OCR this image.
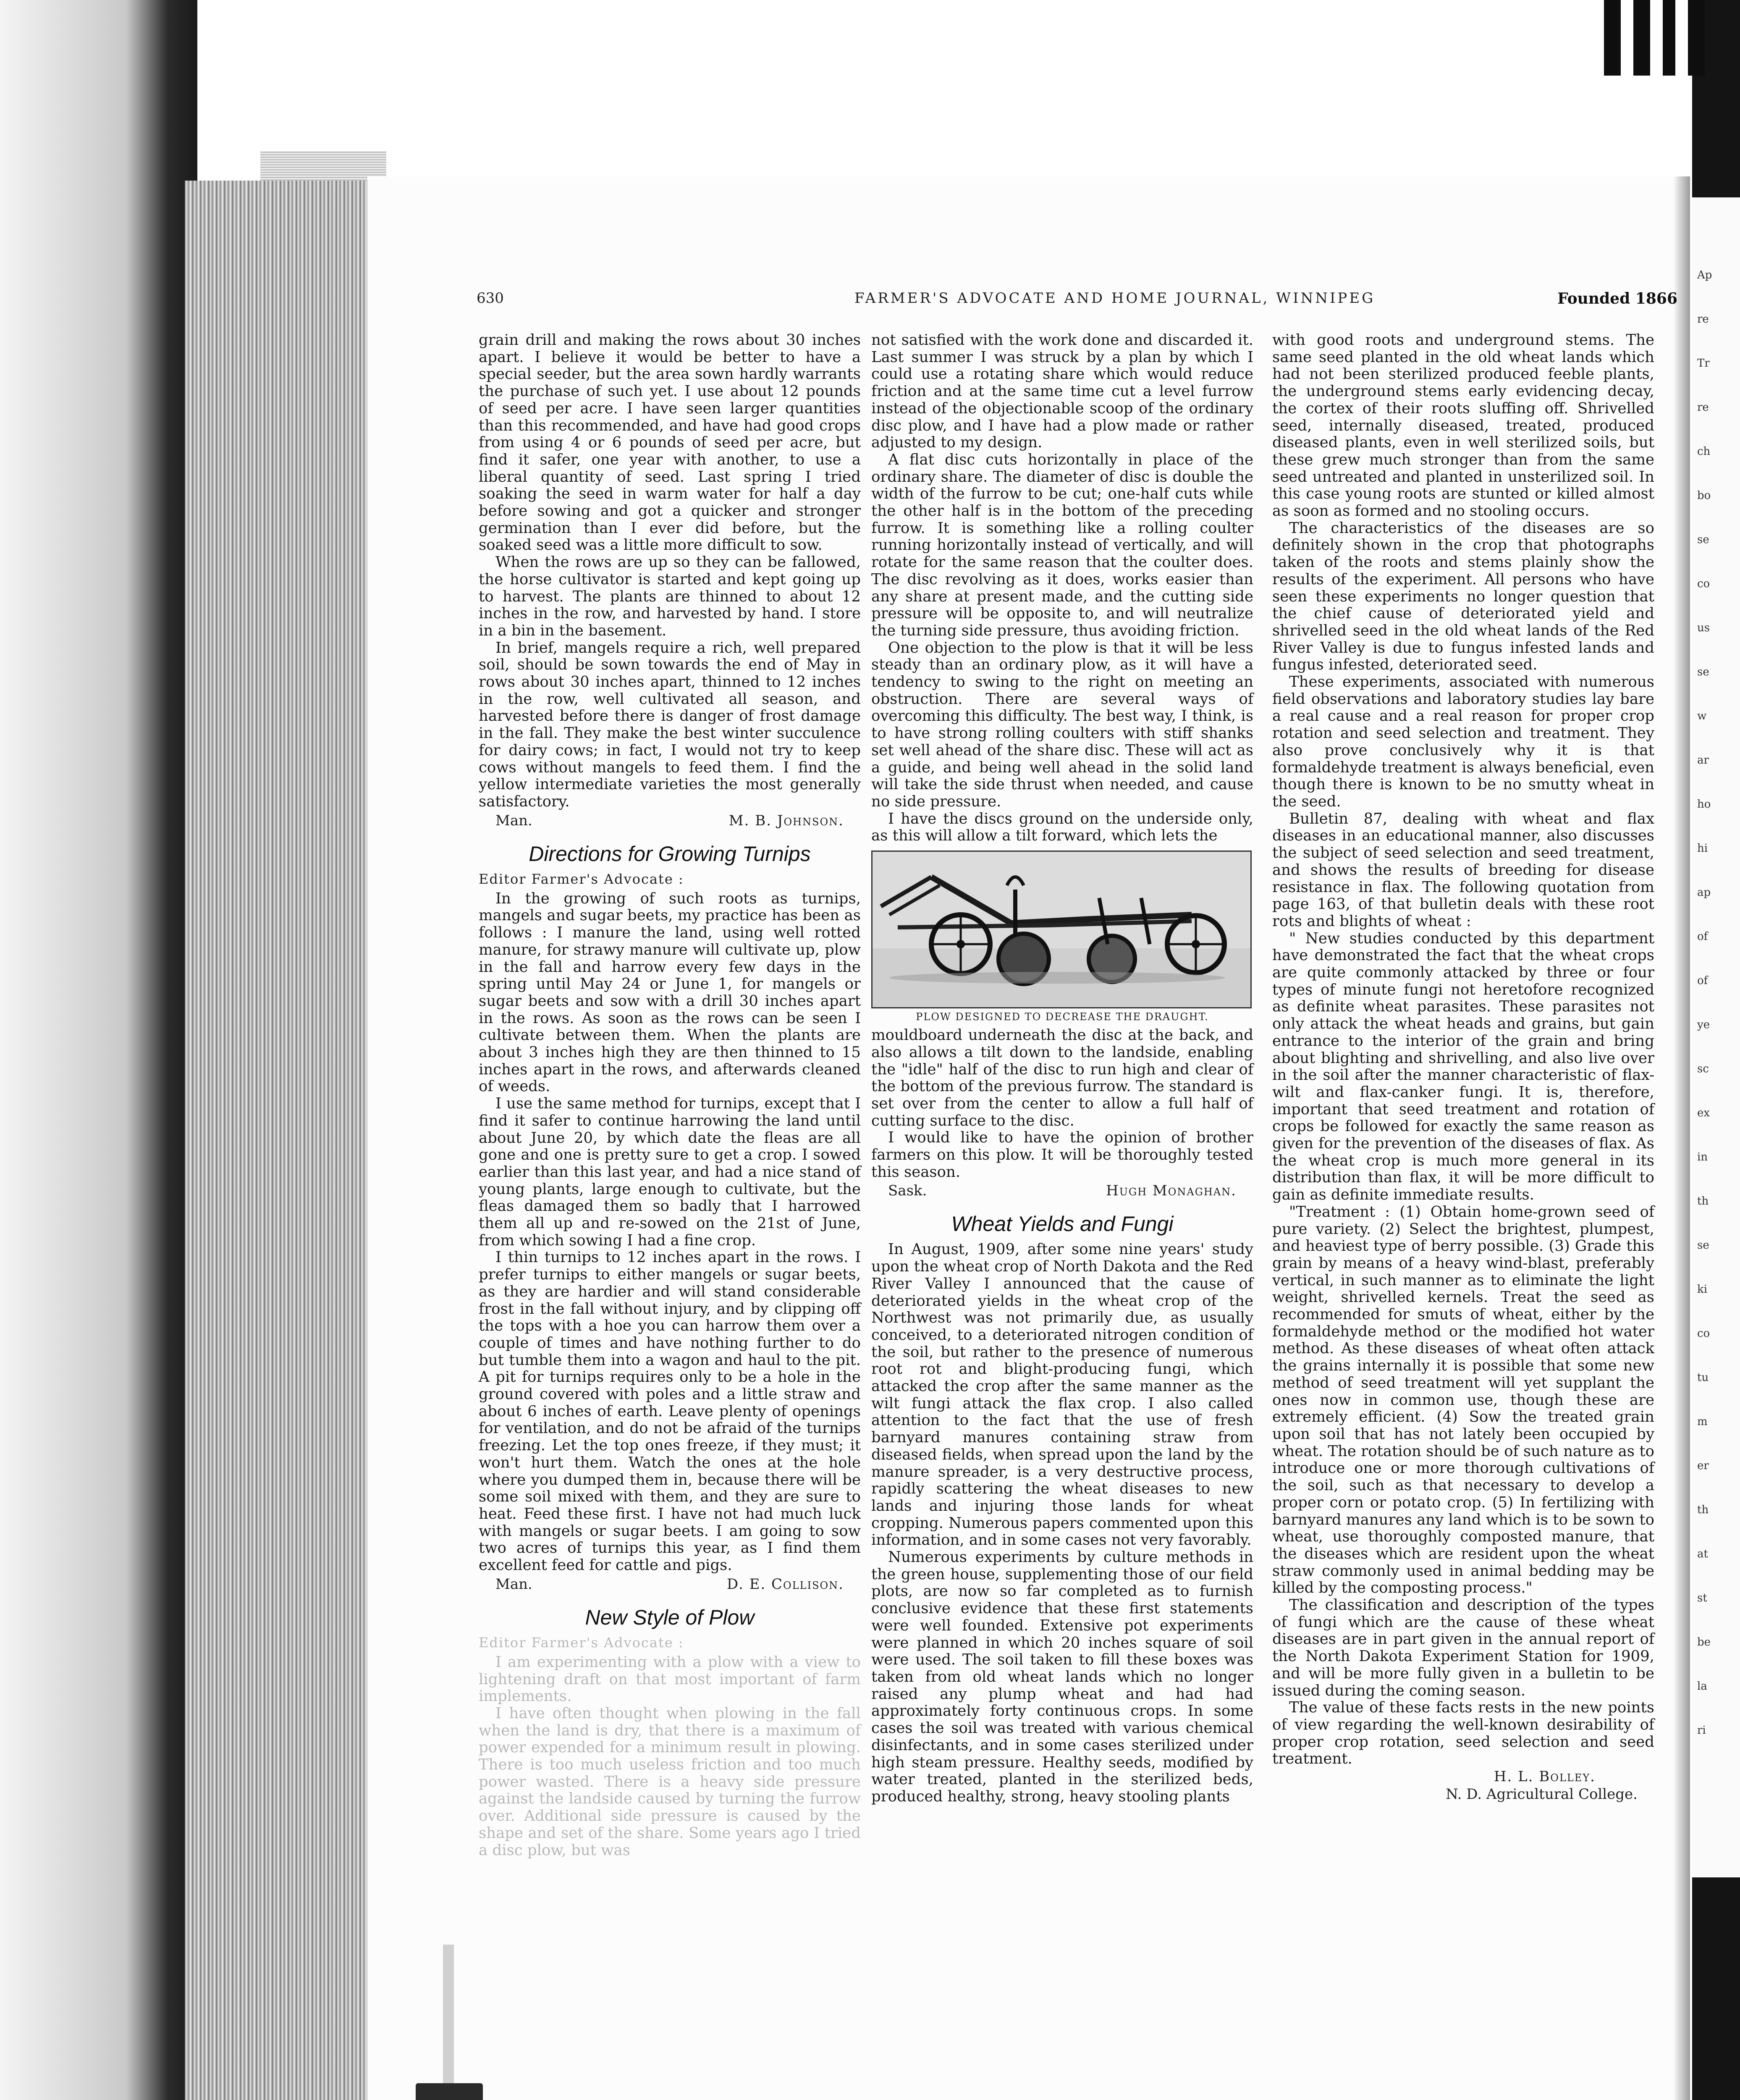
Ap
re
Tr
re
ch
bo
se
co
us
se
w
ar
ho
hi
ap
of
of
ye
sc
ex
in
th
se
ki
co
tu
m
er
th
at
st
be
la
ri
630	FARMER'S ADVOCATE AND HOME JOURNAL, WINNIPEG	Founded 1866

grain drill and making the rows about 30 inches apart. I believe it would be better to have a special seeder, but the area sown hardly warrants the purchase of such yet. I use about 12 pounds of seed per acre. I have seen larger quantities than this recommended, and have had good crops from using 4 or 6 pounds of seed per acre, but find it safer, one year with another, to use a liberal quantity of seed. Last spring I tried soaking the seed in warm water for half a day before sowing and got a quicker and stronger germination than I ever did before, but the soaked seed was a little more difficult to sow.

When the rows are up so they can be fallowed, the horse cultivator is started and kept going up to harvest. The plants are thinned to about 12 inches in the row, and harvested by hand. I store in a bin in the basement.

In brief, mangels require a rich, well prepared soil, should be sown towards the end of May in rows about 30 inches apart, thinned to 12 inches in the row, well cultivated all season, and harvested before there is danger of frost damage in the fall. They make the best winter succulence for dairy cows; in fact, I would not try to keep cows without mangels to feed them. I find the yellow intermediate varieties the most generally satisfactory.

Man.	M. B. Johnson.
Directions for Growing Turnips
Editor Farmer's Advocate :

In the growing of such roots as turnips, mangels and sugar beets, my practice has been as follows : I manure the land, using well rotted manure, for strawy manure will cultivate up, plow in the fall and harrow every few days in the spring until May 24 or June 1, for mangels or sugar beets and sow with a drill 30 inches apart in the rows. As soon as the rows can be seen I cultivate between them. When the plants are about 3 inches high they are then thinned to 15 inches apart in the rows, and afterwards cleaned of weeds.

I use the same method for turnips, except that I find it safer to continue harrowing the land until about June 20, by which date the fleas are all gone and one is pretty sure to get a crop. I sowed earlier than this last year, and had a nice stand of young plants, large enough to cultivate, but the fleas damaged them so badly that I harrowed them all up and re-sowed on the 21st of June, from which sowing I had a fine crop.

I thin turnips to 12 inches apart in the rows. I prefer turnips to either mangels or sugar beets, as they are hardier and will stand considerable frost in the fall without injury, and by clipping off the tops with a hoe you can harrow them over a couple of times and have nothing further to do but tumble them into a wagon and haul to the pit. A pit for turnips requires only to be a hole in the ground covered with poles and a little straw and about 6 inches of earth. Leave plenty of openings for ventilation, and do not be afraid of the turnips freezing. Let the top ones freeze, if they must; it won't hurt them. Watch the ones at the hole where you dumped them in, because there will be some soil mixed with them, and they are sure to heat. Feed these first. I have not had much luck with mangels or sugar beets. I am going to sow two acres of turnips this year, as I find them excellent feed for cattle and pigs.

Man.	D. E. Collison.
New Style of Plow
Editor Farmer's Advocate :

I am experimenting with a plow with a view to lightening draft on that most important of farm implements.

I have often thought when plowing in the fall when the land is dry, that there is a maximum of power expended for a minimum result in plowing. There is too much useless friction and too much power wasted. There is a heavy side pressure against the landside caused by turning the furrow over. Additional side pressure is caused by the shape and set of the share. Some years ago I tried a disc plow, but was

not satisfied with the work done and discarded it. Last summer I was struck by a plan by which I could use a rotating share which would reduce friction and at the same time cut a level furrow instead of the objectionable scoop of the ordinary disc plow, and I have had a plow made or rather adjusted to my design.

A flat disc cuts horizontally in place of the ordinary share. The diameter of disc is double the width of the furrow to be cut; one-half cuts while the other half is in the bottom of the preceding furrow. It is something like a rolling coulter running horizontally instead of vertically, and will rotate for the same reason that the coulter does. The disc revolving as it does, works easier than any share at present made, and the cutting side pressure will be opposite to, and will neutralize the turning side pressure, thus avoiding friction.

One objection to the plow is that it will be less steady than an ordinary plow, as it will have a tendency to swing to the right on meeting an obstruction. There are several ways of overcoming this difficulty. The best way, I think, is to have strong rolling coulters with stiff shanks set well ahead of the share disc. These will act as a guide, and being well ahead in the solid land will take the side thrust when needed, and cause no side pressure.

I have the discs ground on the underside only, as this will allow a tilt forward, which lets the

PLOW DESIGNED TO DECREASE THE DRAUGHT.

mouldboard underneath the disc at the back, and also allows a tilt down to the landside, enabling the "idle" half of the disc to run high and clear of the bottom of the previous furrow. The standard is set over from the center to allow a full half of cutting surface to the disc.

I would like to have the opinion of brother farmers on this plow. It will be thoroughly tested this season.

Sask.	Hugh Monaghan.
Wheat Yields and Fungi

In August, 1909, after some nine years' study upon the wheat crop of North Dakota and the Red River Valley I announced that the cause of deteriorated yields in the wheat crop of the Northwest was not primarily due, as usually conceived, to a deteriorated nitrogen condition of the soil, but rather to the presence of numerous root rot and blight-producing fungi, which attacked the crop after the same manner as the wilt fungi attack the flax crop. I also called attention to the fact that the use of fresh barnyard manures containing straw from diseased fields, when spread upon the land by the manure spreader, is a very destructive process, rapidly scattering the wheat diseases to new lands and injuring those lands for wheat cropping. Numerous papers commented upon this information, and in some cases not very favorably.

Numerous experiments by culture methods in the green house, supplementing those of our field plots, are now so far completed as to furnish conclusive evidence that these first statements were well founded. Extensive pot experiments were planned in which 20 inches square of soil were used. The soil taken to fill these boxes was taken from old wheat lands which no longer raised any plump wheat and had had approximately forty continuous crops. In some cases the soil was treated with various chemical disinfectants, and in some cases sterilized under high steam pressure. Healthy seeds, modified by water treated, planted in the sterilized beds, produced healthy, strong, heavy stooling plants

with good roots and underground stems. The same seed planted in the old wheat lands which had not been sterilized produced feeble plants, the underground stems early evidencing decay, the cortex of their roots sluffing off. Shrivelled seed, internally diseased, treated, produced diseased plants, even in well sterilized soils, but these grew much stronger than from the same seed untreated and planted in unsterilized soil. In this case young roots are stunted or killed almost as soon as formed and no stooling occurs.

The characteristics of the diseases are so definitely shown in the crop that photographs taken of the roots and stems plainly show the results of the experiment. All persons who have seen these experiments no longer question that the chief cause of deteriorated yield and shrivelled seed in the old wheat lands of the Red River Valley is due to fungus infested lands and fungus infested, deteriorated seed.

These experiments, associated with numerous field observations and laboratory studies lay bare a real cause and a real reason for proper crop rotation and seed selection and treatment. They also prove conclusively why it is that formaldehyde treatment is always beneficial, even though there is known to be no smutty wheat in the seed.

Bulletin 87, dealing with wheat and flax diseases in an educational manner, also discusses the subject of seed selection and seed treatment, and shows the results of breeding for disease resistance in flax. The following quotation from page 163, of that bulletin deals with these root rots and blights of wheat :

" New studies conducted by this department have demonstrated the fact that the wheat crops are quite commonly attacked by three or four types of minute fungi not heretofore recognized as definite wheat parasites. These parasites not only attack the wheat heads and grains, but gain entrance to the interior of the grain and bring about blighting and shrivelling, and also live over in the soil after the manner characteristic of flax-wilt and flax-canker fungi. It is, therefore, important that seed treatment and rotation of crops be followed for exactly the same reason as given for the prevention of the diseases of flax. As the wheat crop is much more general in its distribution than flax, it will be more difficult to gain as definite immediate results.

"Treatment : (1) Obtain home-grown seed of pure variety. (2) Select the brightest, plumpest, and heaviest type of berry possible. (3) Grade this grain by means of a heavy wind-blast, preferably vertical, in such manner as to eliminate the light weight, shrivelled kernels. Treat the seed as recommended for smuts of wheat, either by the formaldehyde method or the modified hot water method. As these diseases of wheat often attack the grains internally it is possible that some new method of seed treatment will yet supplant the ones now in common use, though these are extremely efficient. (4) Sow the treated grain upon soil that has not lately been occupied by wheat. The rotation should be of such nature as to introduce one or more thorough cultivations of the soil, such as that necessary to develop a proper corn or potato crop. (5) In fertilizing with barnyard manures any land which is to be sown to wheat, use thoroughly composted manure, that the diseases which are resident upon the wheat straw commonly used in animal bedding may be killed by the composting process."

The classification and description of the types of fungi which are the cause of these wheat diseases are in part given in the annual report of the North Dakota Experiment Station for 1909, and will be more fully given in a bulletin to be issued during the coming season.

The value of these facts rests in the new points of view regarding the well-known desirability of proper crop rotation, seed selection and seed treatment.

H. L. Bolley.
N. D. Agricultural College.
